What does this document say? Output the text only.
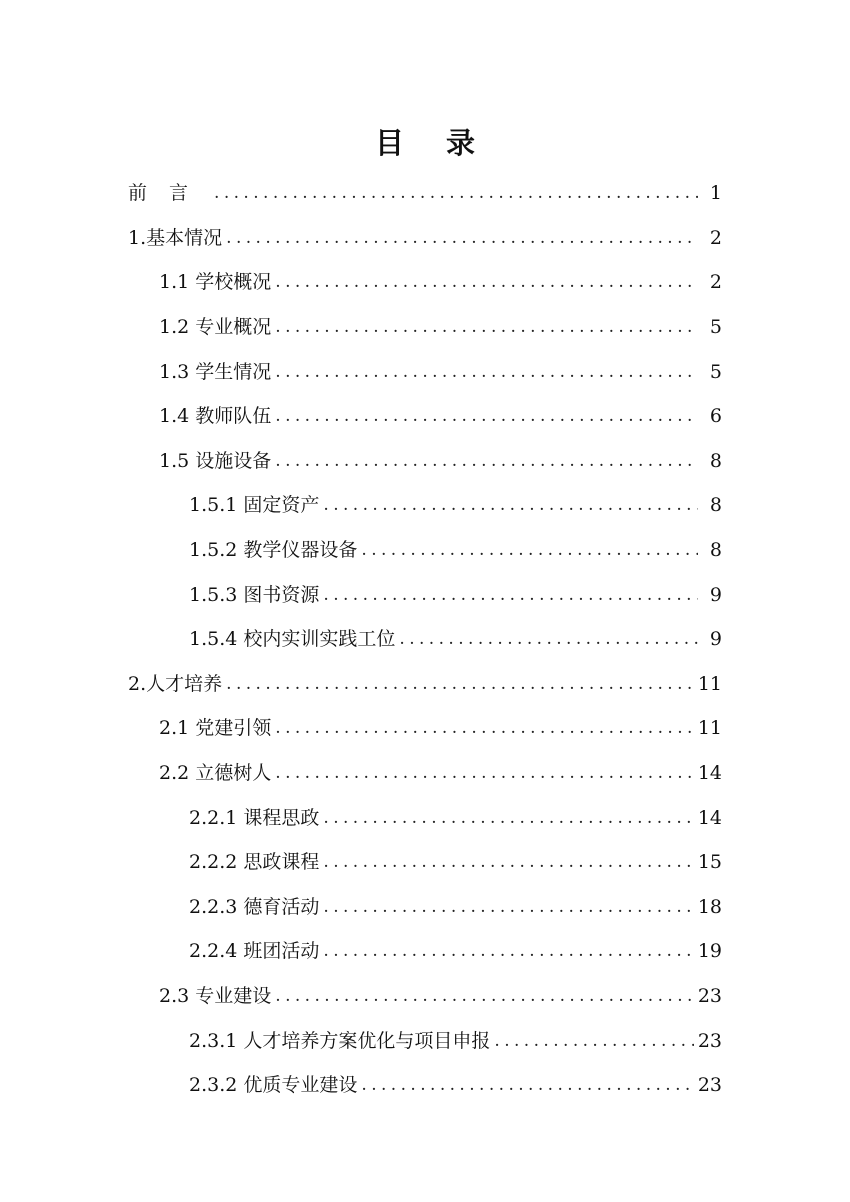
目录
前言 .....	1
1.基本情况 .....	2
1.1 学校概况 .....	2
1.2 专业概况 .....	5
1.3 学生情况 .....	5
1.4 教师队伍 .....	6
1.5 设施设备 .....	8
1.5.1 固定资产 .....	8
1.5.2 教学仪器设备 .....	8
1.5.3 图书资源 .....	9
1.5.4 校内实训实践工位 .....	9
2.人才培养 .....	11
2.1 党建引领 .....	11
2.2 立德树人 .....	14
2.2.1 课程思政 .....	14
2.2.2 思政课程 .....	15
2.2.3 德育活动 .....	18
2.2.4 班团活动 .....	19
2.3 专业建设 .....	23
2.3.1 人才培养方案优化与项目申报 .....	23
2.3.2 优质专业建设 .....	23
